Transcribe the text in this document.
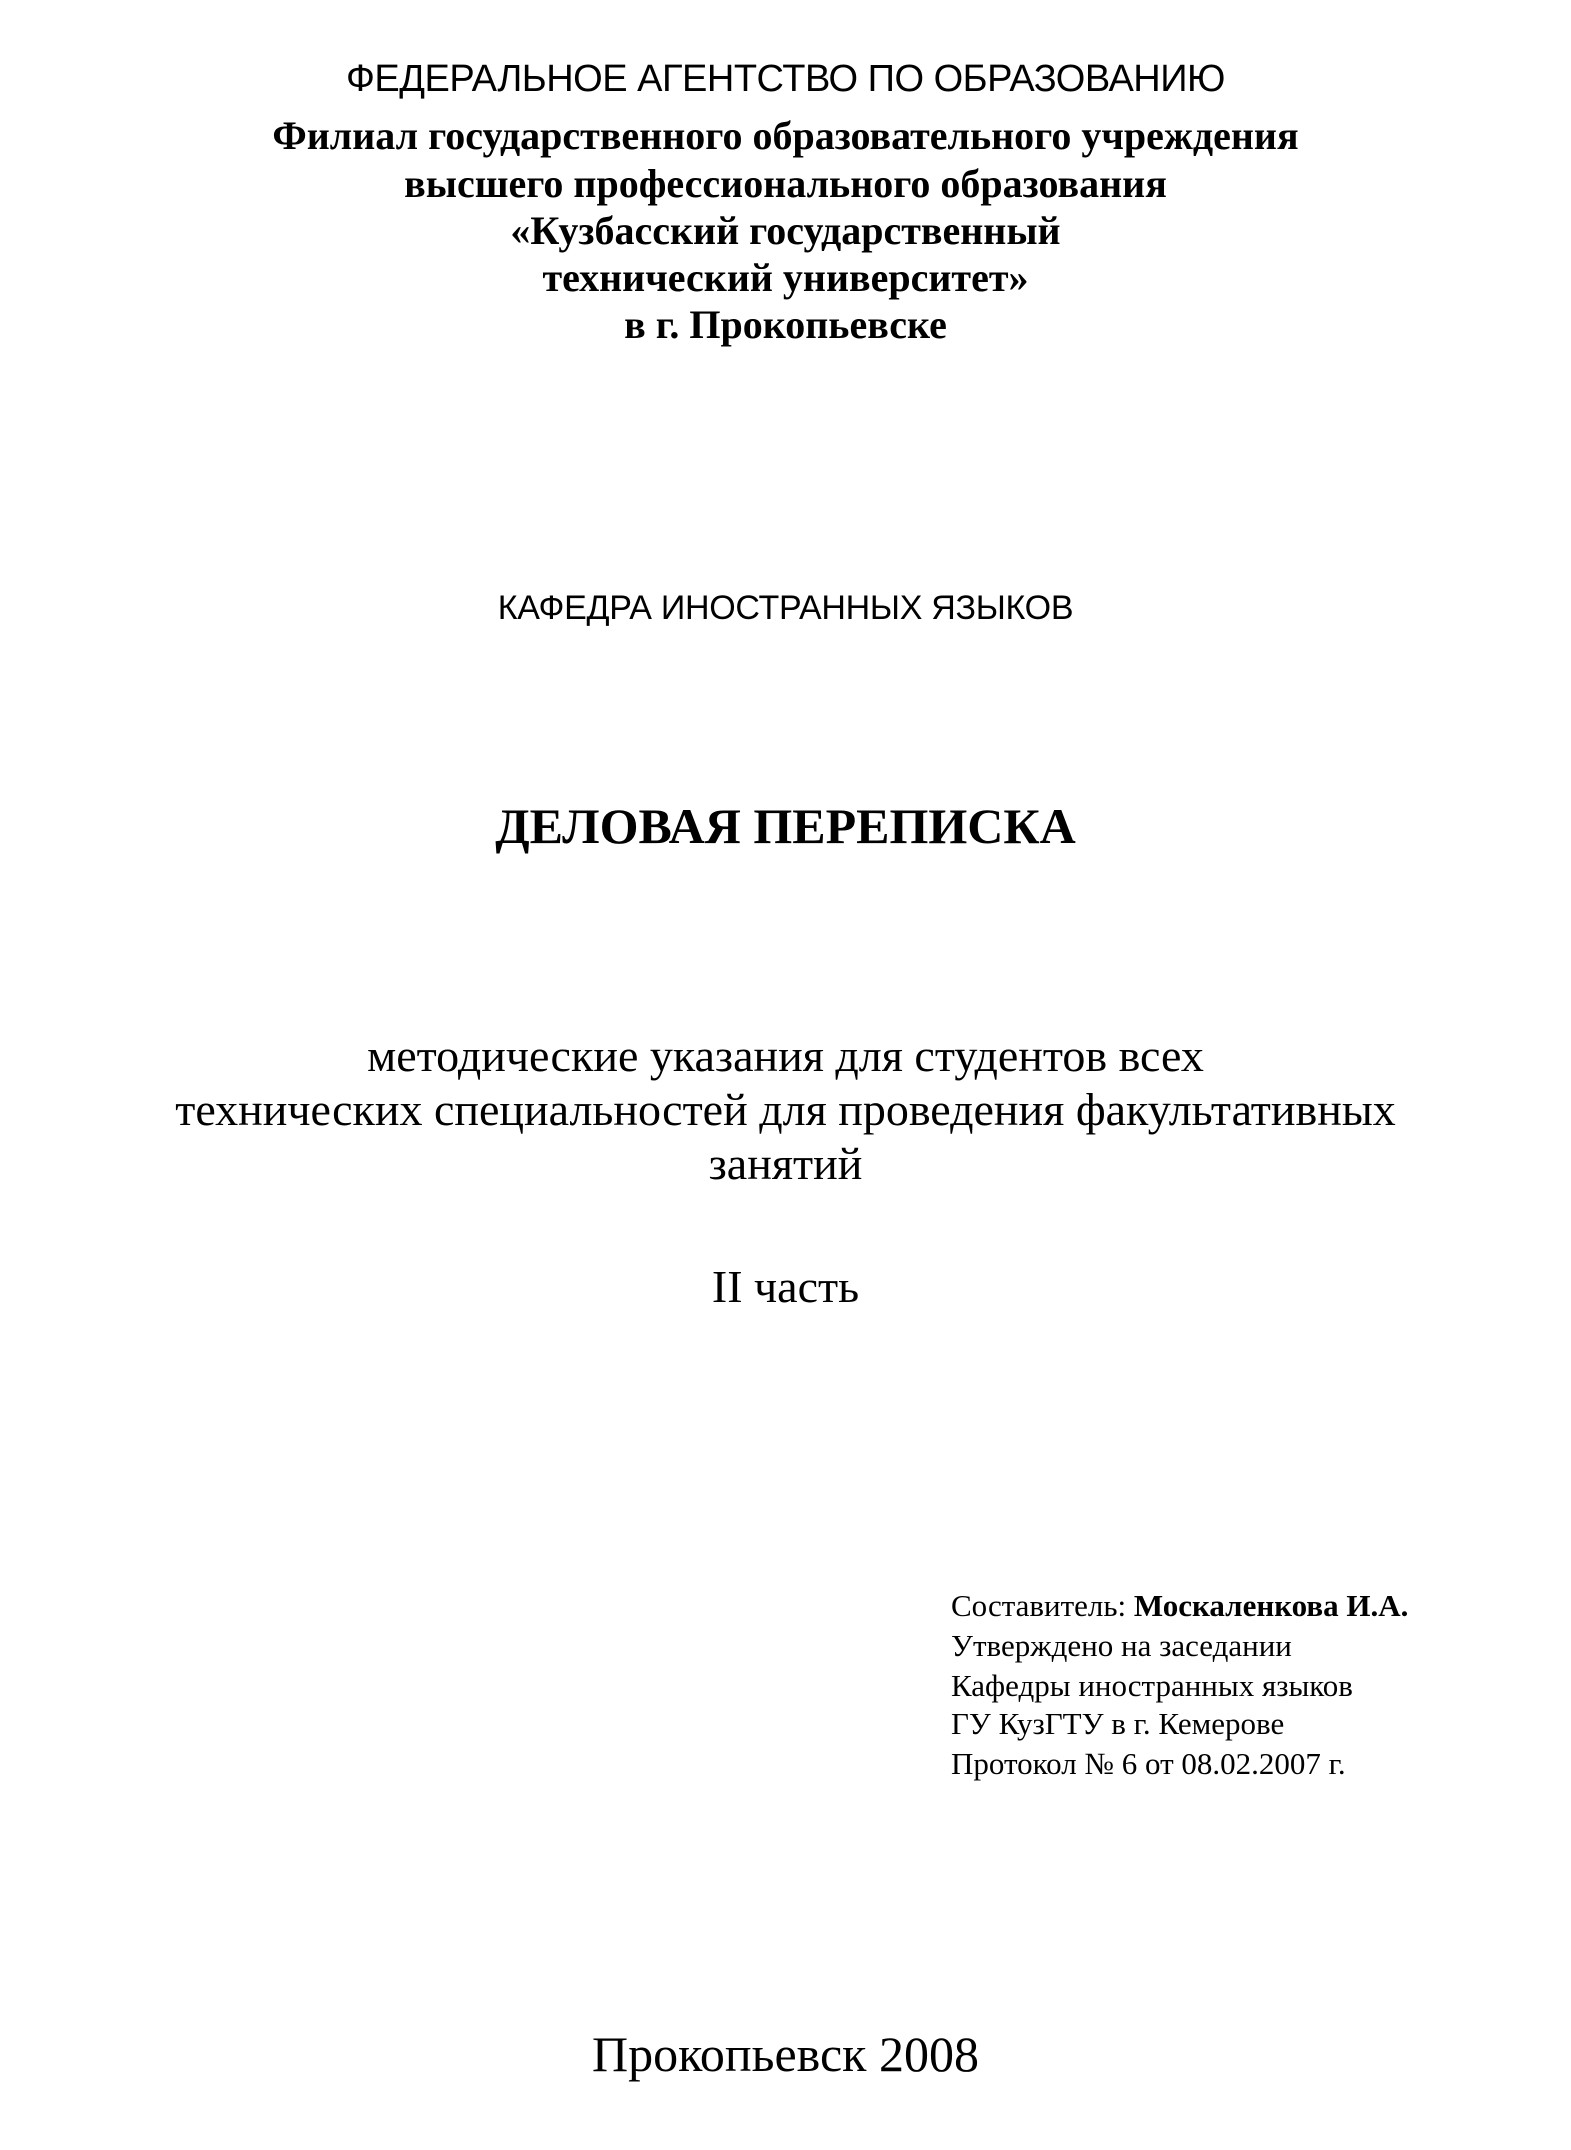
ФЕДЕРАЛЬНОЕ АГЕНТСТВО ПО ОБРАЗОВАНИЮ
Филиал государственного образовательного учреждения
высшего профессионального образования
«Кузбасский государственный
технический университет»
в г. Прокопьевске
КАФЕДРА ИНОСТРАННЫХ ЯЗЫКОВ
ДЕЛОВАЯ ПЕРЕПИСКА
методические указания для студентов всех
технических специальностей для проведения факультативных
занятий
II часть
Составитель: Москаленкова И.А.
Утверждено на заседании
Кафедры иностранных языков
ГУ КузГТУ в г. Кемерове
Протокол № 6 от 08.02.2007 г.
Прокопьевск 2008
